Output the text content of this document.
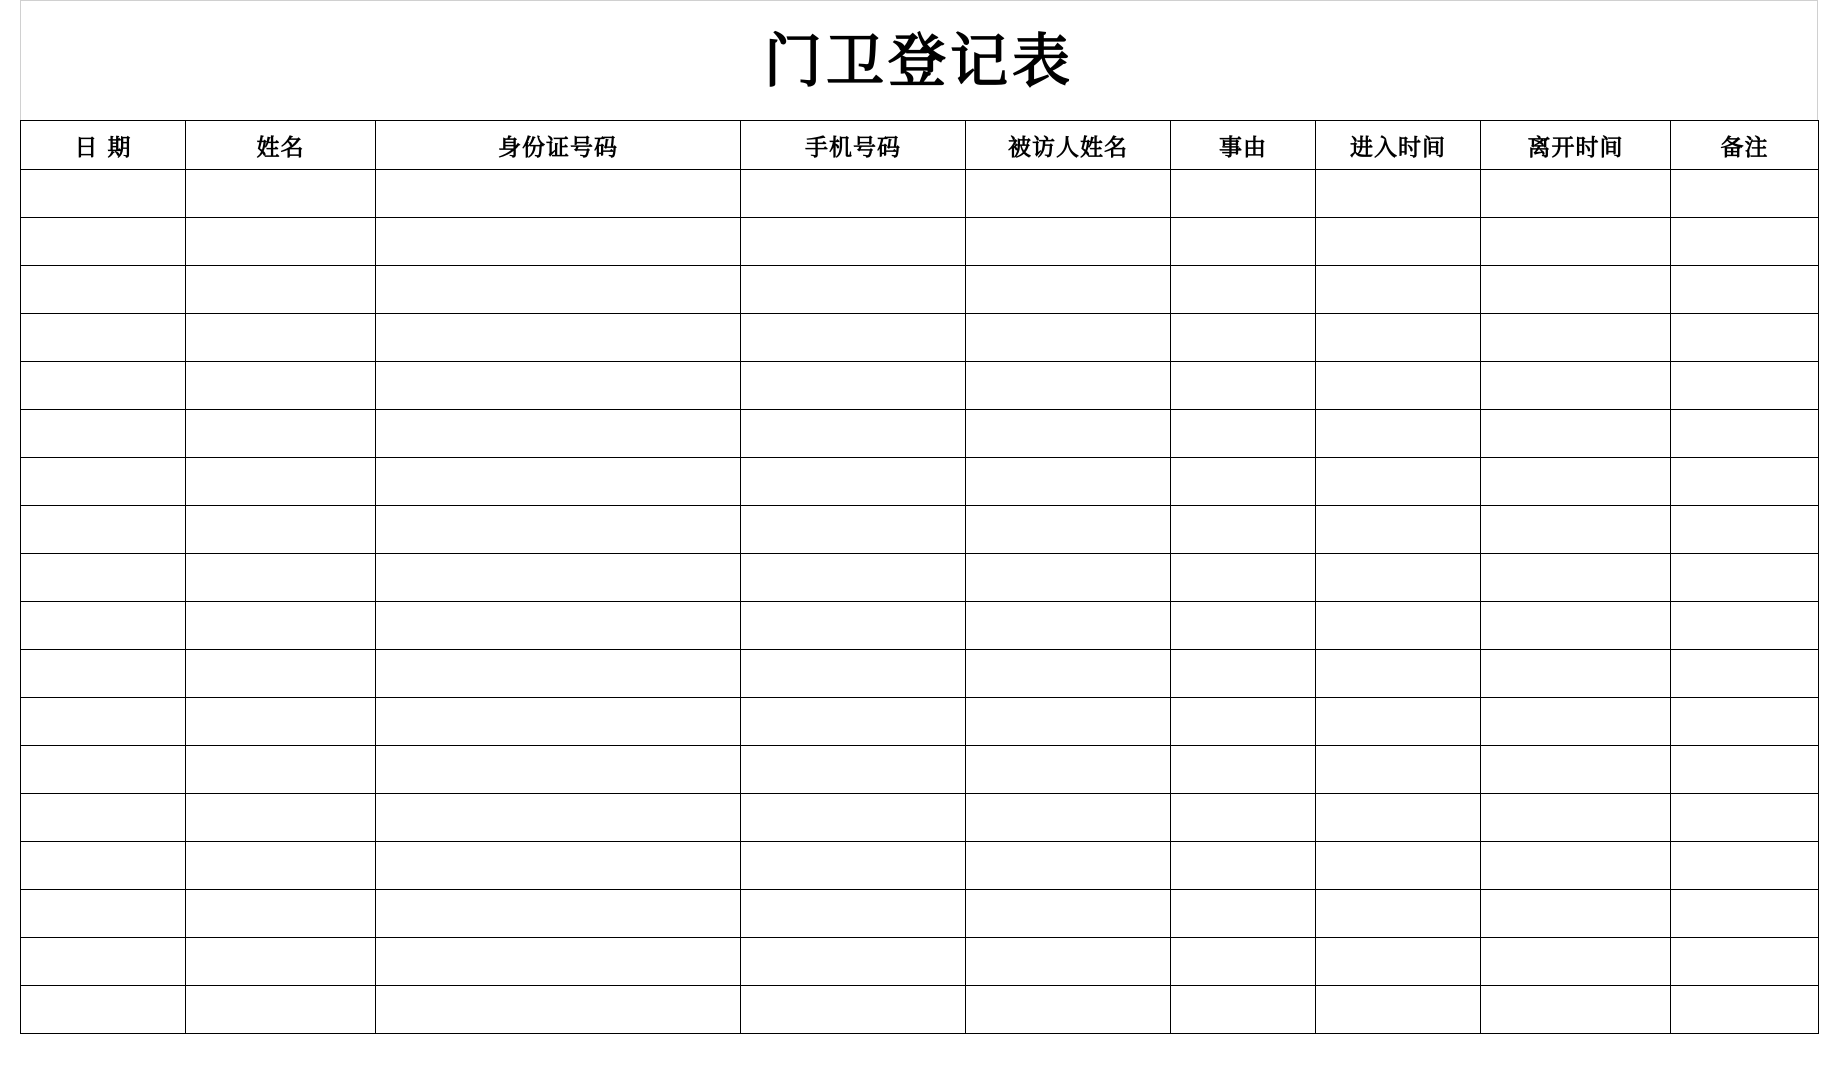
门卫登记表
日 期	姓名	身份证号码	手机号码	被访人姓名	事由	进入时间	离开时间	备注
